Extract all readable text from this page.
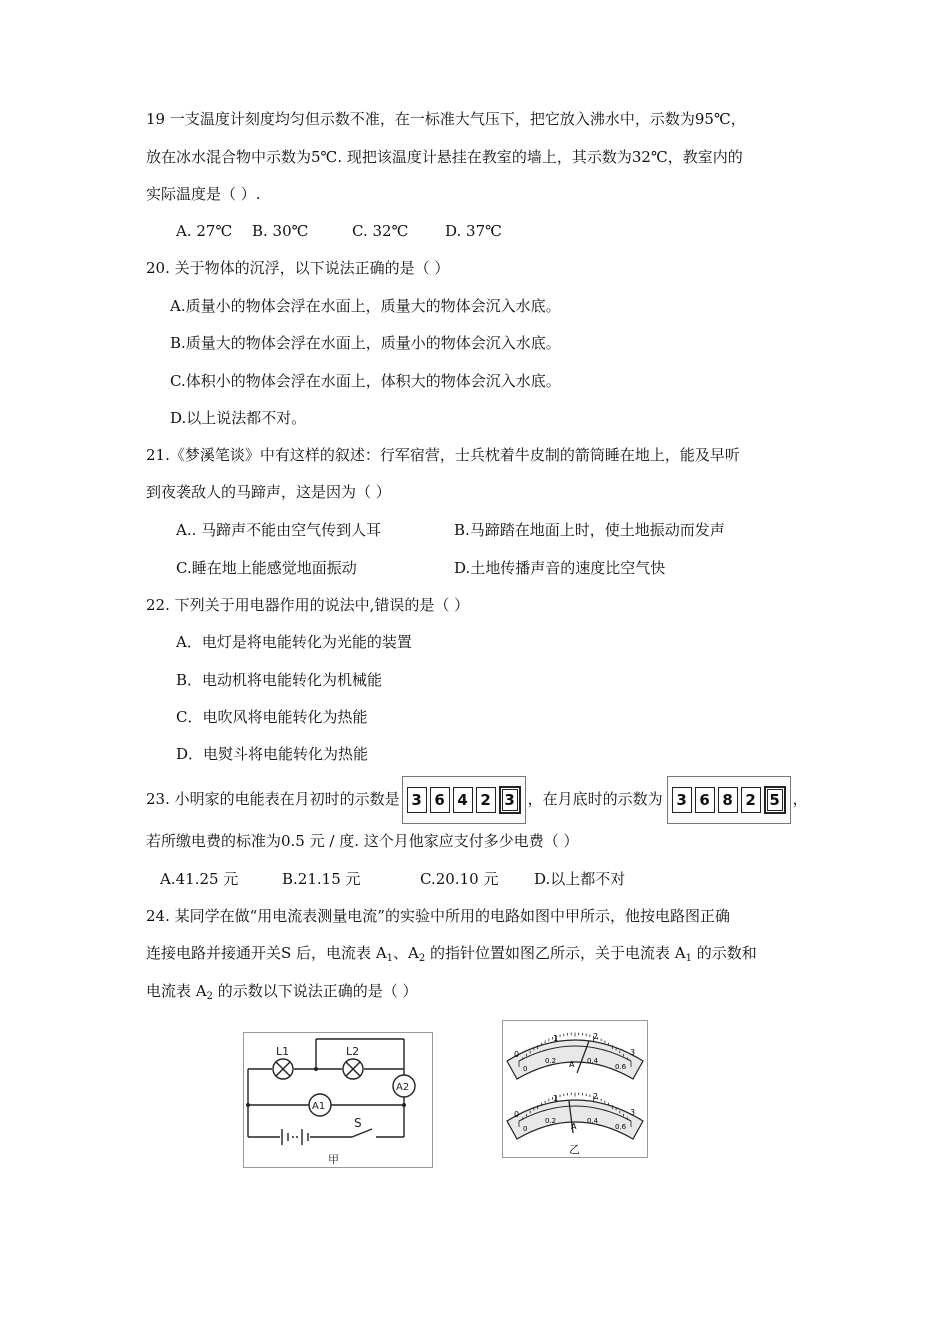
19 一支温度计刻度均匀但示数不准，在一标准大气压下，把它放入沸水中，示数为95℃，
放在冰水混合物中示数为5℃. 现把该温度计悬挂在教室的墙上，其示数为32℃，教室内的
实际温度是（ ）.
A. 27℃ B. 30℃	C. 32℃ D. 37℃
20. 关于物体的沉浮，以下说法正确的是（ ）
A.质量小的物体会浮在水面上，质量大的物体会沉入水底。
B.质量大的物体会浮在水面上，质量小的物体会沉入水底。
C.体积小的物体会浮在水面上，体积大的物体会沉入水底。
D.以上说法都不对。
21.《梦溪笔谈》中有这样的叙述：行军宿营，士兵枕着牛皮制的箭筒睡在地上，能及早听
到夜袭敌人的马蹄声，这是因为（ ）
A.. 马蹄声不能由空气传到人耳	B.马蹄踏在地面上时，使土地振动而发声
C.睡在地上能感觉地面振动	D.土地传播声音的速度比空气快
22. 下列关于用电器作用的说法中,错误的是（ ）
A．电灯是将电能转化为光能的装置
B．电动机将电能转化为机械能
C．电吹风将电能转化为热能
D．电熨斗将电能转化为热能
23. 小明家的电能表在月初时的示数是 3 6 4 2 3 ，在月底时的示数为 3 6 8 2 5 ，
若所缴电费的标准为0.5 元 / 度. 这个月他家应支付多少电费（ ）
A.41.25 元	B.21.15 元	C.20.10 元 D.以上都不对
24. 某同学在做“用电流表测量电流”的实验中所用的电路如图中甲所示，他按电路图正确
连接电路并接通开关S 后，电流表 $A_1$、$A_2$ 的指针位置如图乙所示，关于电流表 $A_1$ 的示数和
电流表 $A_2$ 的示数以下说法正确的是（ ）
L1	L2
A1
A2
S
甲
0
1	2
3
0
0.2	0.4
0.6
A
0
1	2
3
0
0.2	0.4
0.6
A
乙
